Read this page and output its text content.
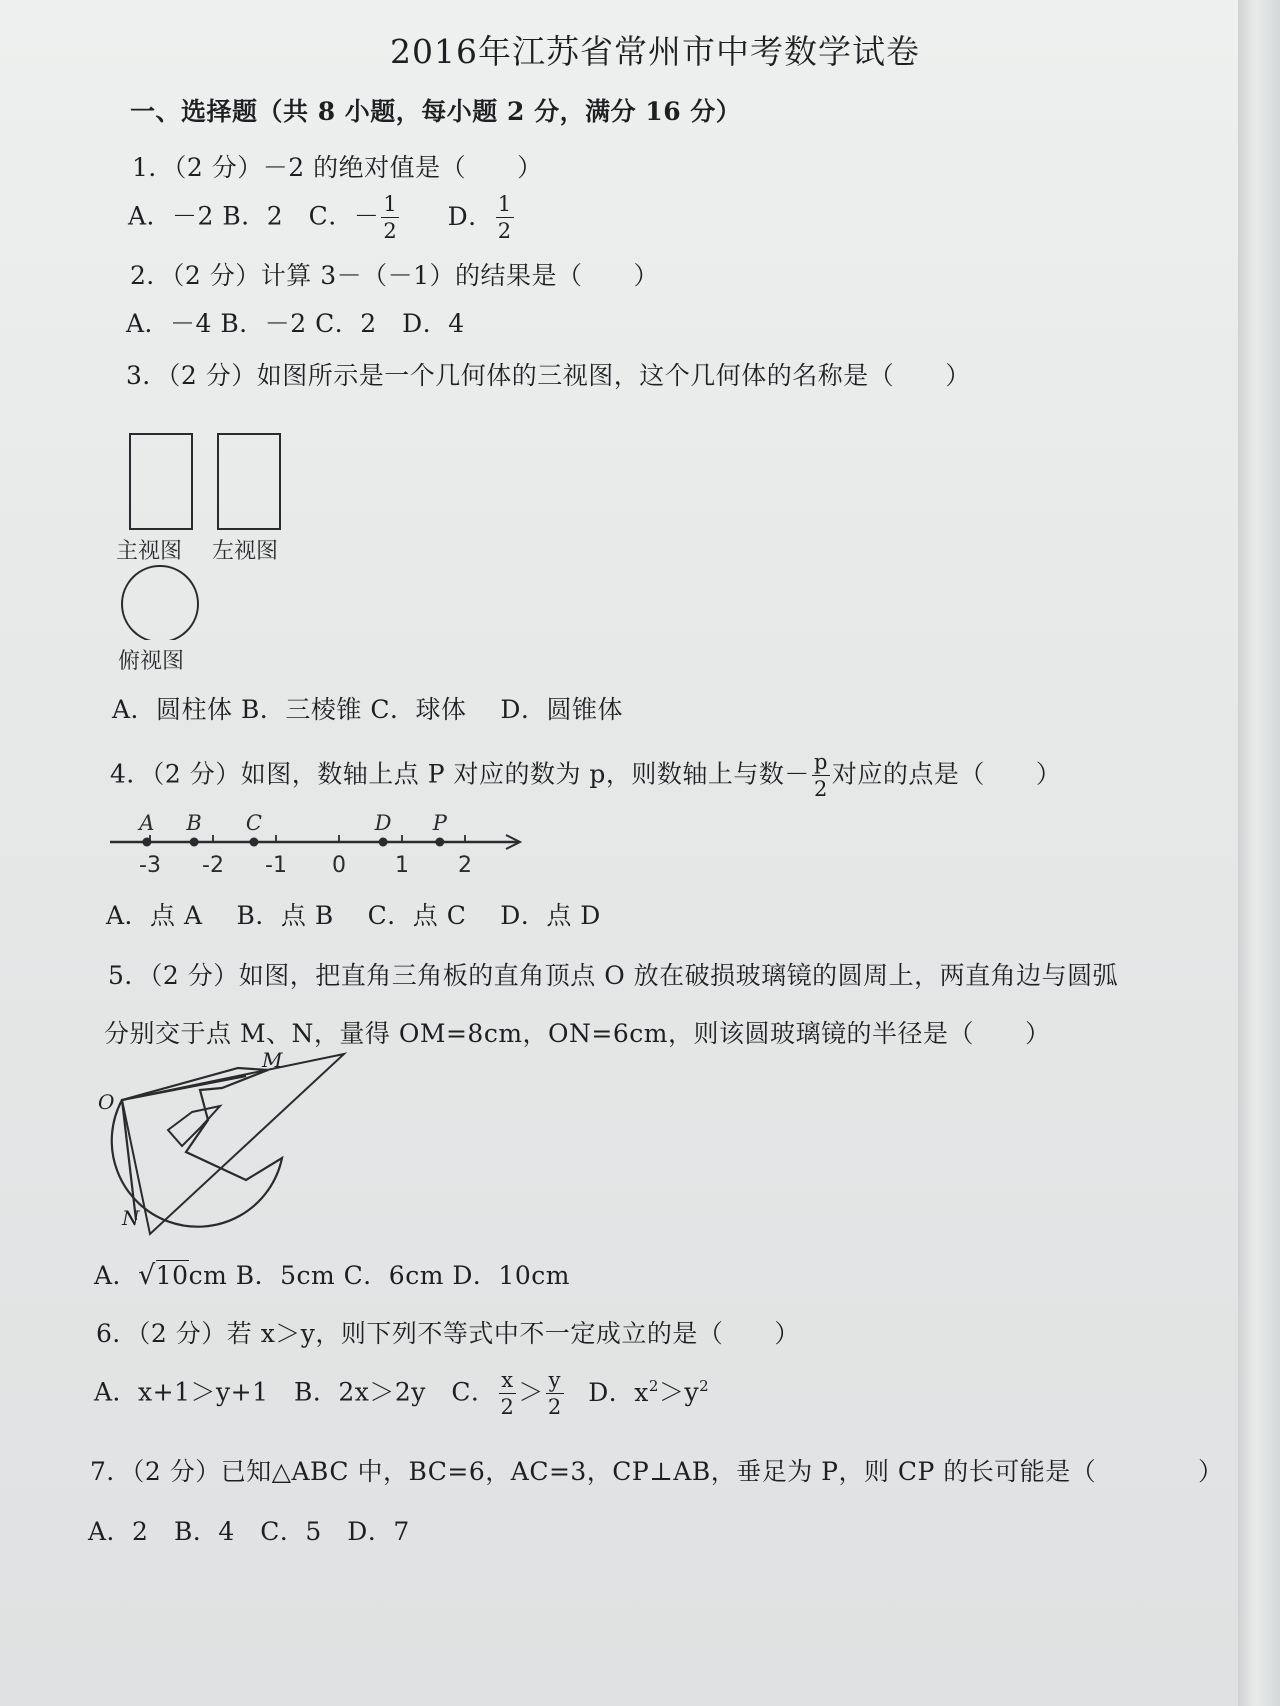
2016年江苏省常州市中考数学试卷
一、选择题（共 8 小题，每小题 2 分，满分 16 分）
1．（2 分）－2 的绝对值是（　　）
A．－2 B．2　C．－ $\frac{1}{2}$ D． $\frac{1}{2}$
2．（2 分）计算 3－（－1）的结果是（　　）
A．－4 B．－2 C．2　D．4
3．（2 分）如图所示是一个几何体的三视图，这个几何体的名称是（　　）
主视图 左视图
俯视图
A．圆柱体 B．三棱锥 C．球体　 D．圆锥体
4．（2 分）如图，数轴上点 P 对应的数为 p，则数轴上与数－ $\frac{p}{2}$ 对应的点是（　　）
A B C	D P
-3 -2 -1 0 1 2
A．点 A　 B．点 B　 C．点 C　 D．点 D
5．（2 分）如图，把直角三角板的直角顶点 O 放在破损玻璃镜的圆周上，两直角边与圆弧
分别交于点 M、N，量得 OM=8cm，ON=6cm，则该圆玻璃镜的半径是（　　）
O
M
N
A．√10cm B．5cm C．6cm D．10cm
6．（2 分）若 x＞y，则下列不等式中不一定成立的是（　　）
A．x+1＞y+1　B．2x＞2y　C． $\frac{x}{2} > \frac{y}{2}$ D．$x^2>y^2$
7．（2 分）已知△ABC 中，BC=6，AC=3，CP⊥AB，垂足为 P，则 CP 的长可能是（	）
A．2　B．4　C．5　D．7
